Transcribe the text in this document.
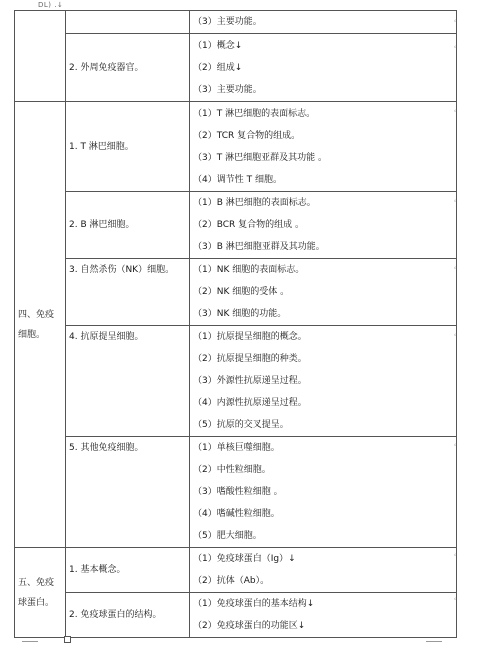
DL) .↓

		（3）主要功能。

	2. 外周免疫器官。	（1）概念↓
（2）组成↓
（3）主要功能。

四、免疫细胞。	1. T 淋巴细胞。	（1）T 淋巴细胞的表面标志。
（2）TCR 复合物的组成。
（3）T 淋巴细胞亚群及其功能 。
（4）调节性 T 细胞。

	2. B 淋巴细胞。	（1）B 淋巴细胞的表面标志。
（2）BCR 复合物的组成 。
（3）B 淋巴细胞亚群及其功能。

	3. 自然杀伤（NK）细胞。	（1）NK 细胞的表面标志。
（2）NK 细胞的受体 。
（3）NK 细胞的功能。

	4. 抗原提呈细胞。	（1）抗原提呈细胞的概念。
（2）抗原提呈细胞的种类。
（3）外源性抗原递呈过程。
（4）内源性抗原递呈过程。
（5）抗原的交叉提呈。

	5. 其他免疫细胞。	（1）单核巨噬细胞。
（2）中性粒细胞。
（3）嗜酸性粒细胞 。
（4）嗜碱性粒细胞。
（5）肥大细胞。

五、免疫球蛋白。	1. 基本概念。	（1）免疫球蛋白（Ig）↓
（2）抗体（Ab）。

	2. 免疫球蛋白的结构。	（1）免疫球蛋白的基本结构↓
（2）免疫球蛋白的功能区↓
。
。
。
。
。
。
。
。
。
